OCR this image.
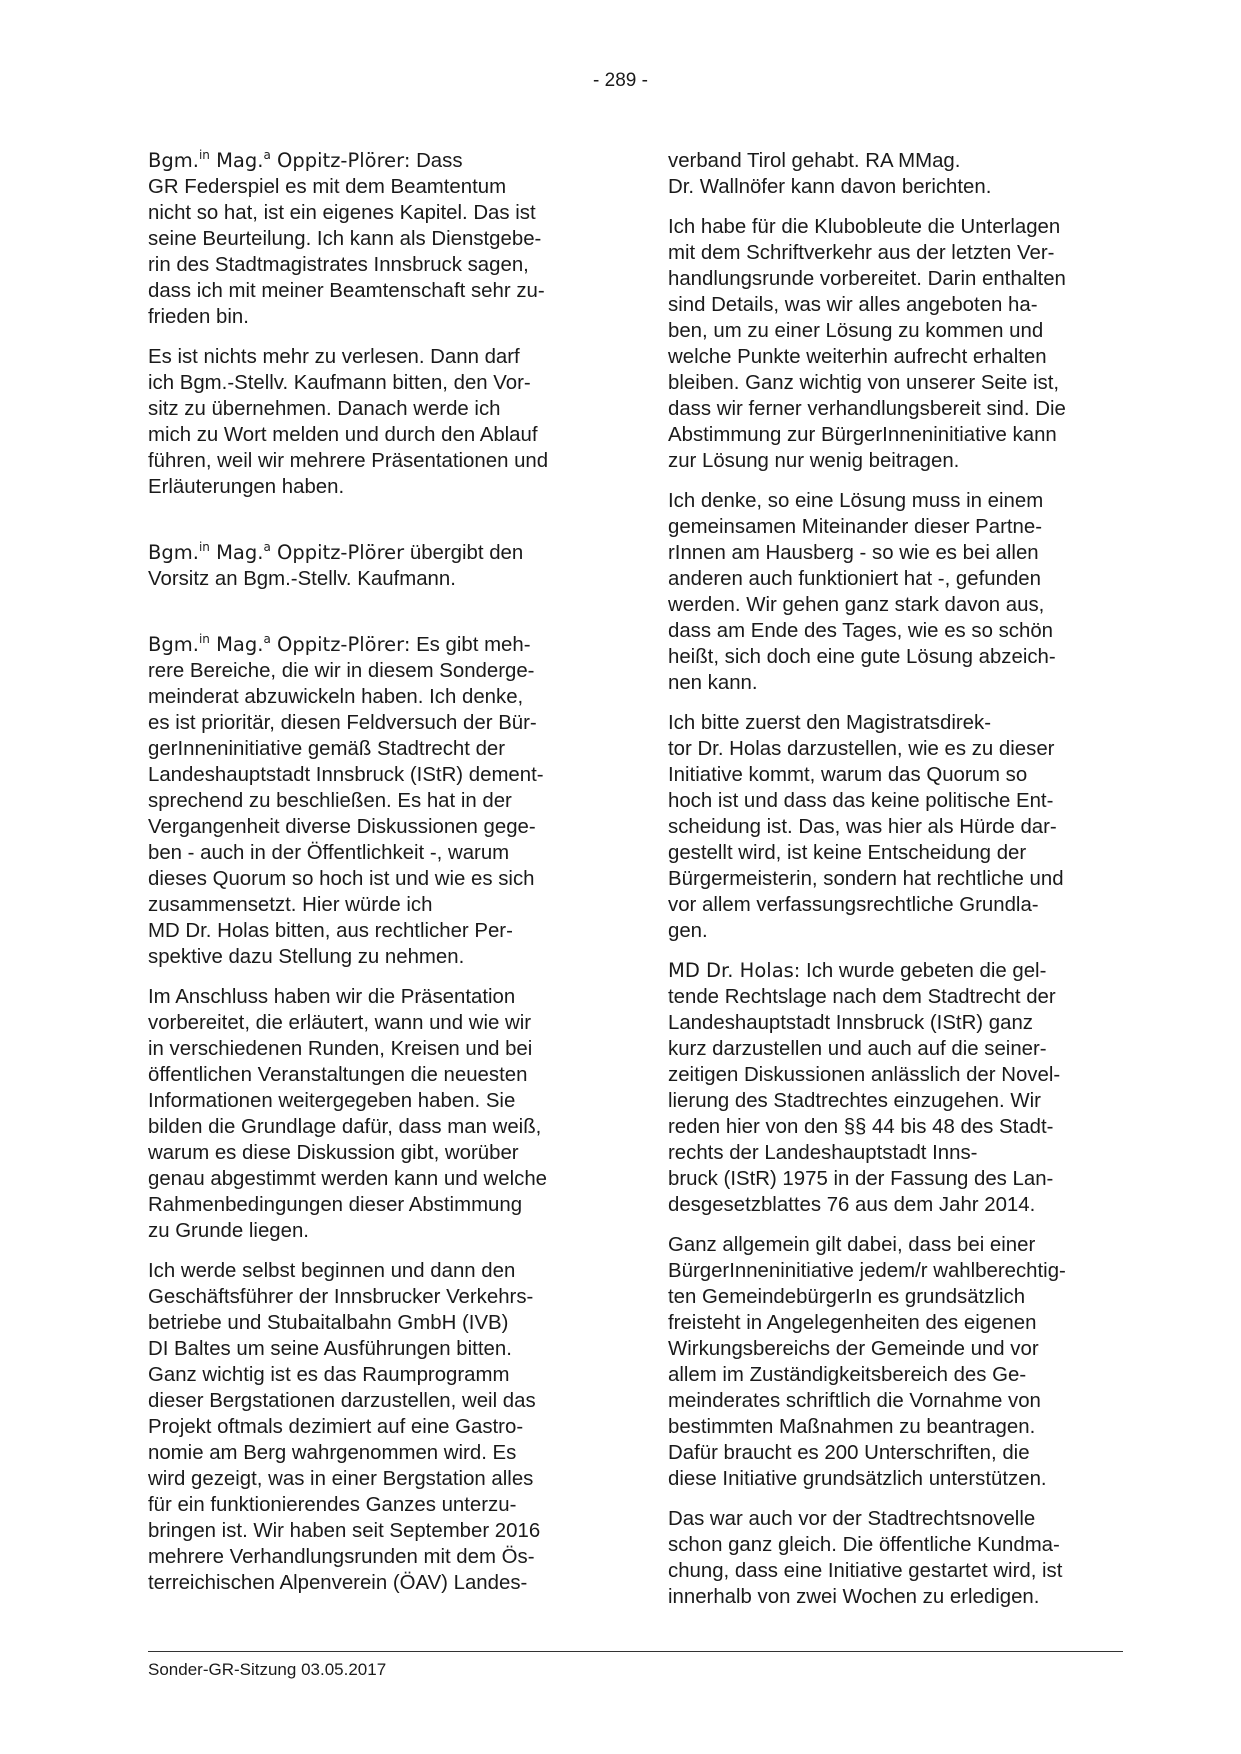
- 289 -
Bgm.$^{in}$ Mag.$^a$ Oppitz-Plörer: Dass
GR Federspiel es mit dem Beamtentum
nicht so hat, ist ein eigenes Kapitel. Das ist
seine Beurteilung. Ich kann als Dienstgebe-
rin des Stadtmagistrates Innsbruck sagen,
dass ich mit meiner Beamtenschaft sehr zu-
frieden bin.
Es ist nichts mehr zu verlesen. Dann darf
ich Bgm.-Stellv. Kaufmann bitten, den Vor-
sitz zu übernehmen. Danach werde ich
mich zu Wort melden und durch den Ablauf
führen, weil wir mehrere Präsentationen und
Erläuterungen haben.
Bgm.$^{in}$ Mag.$^a$ Oppitz-Plörer übergibt den
Vorsitz an Bgm.-Stellv. Kaufmann.
Bgm.$^{in}$ Mag.$^a$ Oppitz-Plörer: Es gibt meh-
rere Bereiche, die wir in diesem Sonderge-
meinderat abzuwickeln haben. Ich denke,
es ist prioritär, diesen Feldversuch der Bür-
gerInneninitiative gemäß Stadtrecht der
Landeshauptstadt Innsbruck (IStR) dement-
sprechend zu beschließen. Es hat in der
Vergangenheit diverse Diskussionen gege-
ben - auch in der Öffentlichkeit -, warum
dieses Quorum so hoch ist und wie es sich
zusammensetzt. Hier würde ich
MD Dr. Holas bitten, aus rechtlicher Per-
spektive dazu Stellung zu nehmen.
Im Anschluss haben wir die Präsentation
vorbereitet, die erläutert, wann und wie wir
in verschiedenen Runden, Kreisen und bei
öffentlichen Veranstaltungen die neuesten
Informationen weitergegeben haben. Sie
bilden die Grundlage dafür, dass man weiß,
warum es diese Diskussion gibt, worüber
genau abgestimmt werden kann und welche
Rahmenbedingungen dieser Abstimmung
zu Grunde liegen.
Ich werde selbst beginnen und dann den
Geschäftsführer der Innsbrucker Verkehrs-
betriebe und Stubaitalbahn GmbH (IVB)
DI Baltes um seine Ausführungen bitten.
Ganz wichtig ist es das Raumprogramm
dieser Bergstationen darzustellen, weil das
Projekt oftmals dezimiert auf eine Gastro-
nomie am Berg wahrgenommen wird. Es
wird gezeigt, was in einer Bergstation alles
für ein funktionierendes Ganzes unterzu-
bringen ist. Wir haben seit September 2016
mehrere Verhandlungsrunden mit dem Ös-
terreichischen Alpenverein (ÖAV) Landes-
verband Tirol gehabt. RA MMag.
Dr. Wallnöfer kann davon berichten.
Ich habe für die Klubobleute die Unterlagen
mit dem Schriftverkehr aus der letzten Ver-
handlungsrunde vorbereitet. Darin enthalten
sind Details, was wir alles angeboten ha-
ben, um zu einer Lösung zu kommen und
welche Punkte weiterhin aufrecht erhalten
bleiben. Ganz wichtig von unserer Seite ist,
dass wir ferner verhandlungsbereit sind. Die
Abstimmung zur BürgerInneninitiative kann
zur Lösung nur wenig beitragen.
Ich denke, so eine Lösung muss in einem
gemeinsamen Miteinander dieser Partne-
rInnen am Hausberg - so wie es bei allen
anderen auch funktioniert hat -, gefunden
werden. Wir gehen ganz stark davon aus,
dass am Ende des Tages, wie es so schön
heißt, sich doch eine gute Lösung abzeich-
nen kann.
Ich bitte zuerst den Magistratsdirek-
tor Dr. Holas darzustellen, wie es zu dieser
Initiative kommt, warum das Quorum so
hoch ist und dass das keine politische Ent-
scheidung ist. Das, was hier als Hürde dar-
gestellt wird, ist keine Entscheidung der
Bürgermeisterin, sondern hat rechtliche und
vor allem verfassungsrechtliche Grundla-
gen.
MD Dr. Holas: Ich wurde gebeten die gel-
tende Rechtslage nach dem Stadtrecht der
Landeshauptstadt Innsbruck (IStR) ganz
kurz darzustellen und auch auf die seiner-
zeitigen Diskussionen anlässlich der Novel-
lierung des Stadtrechtes einzugehen. Wir
reden hier von den §§ 44 bis 48 des Stadt-
rechts der Landeshauptstadt Inns-
bruck (IStR) 1975 in der Fassung des Lan-
desgesetzblattes 76 aus dem Jahr 2014.
Ganz allgemein gilt dabei, dass bei einer
BürgerInneninitiative jedem/r wahlberechtig-
ten GemeindebürgerIn es grundsätzlich
freisteht in Angelegenheiten des eigenen
Wirkungsbereichs der Gemeinde und vor
allem im Zuständigkeitsbereich des Ge-
meinderates schriftlich die Vornahme von
bestimmten Maßnahmen zu beantragen.
Dafür braucht es 200 Unterschriften, die
diese Initiative grundsätzlich unterstützen.
Das war auch vor der Stadtrechtsnovelle
schon ganz gleich. Die öffentliche Kundma-
chung, dass eine Initiative gestartet wird, ist
innerhalb von zwei Wochen zu erledigen.
Sonder-GR-Sitzung 03.05.2017
